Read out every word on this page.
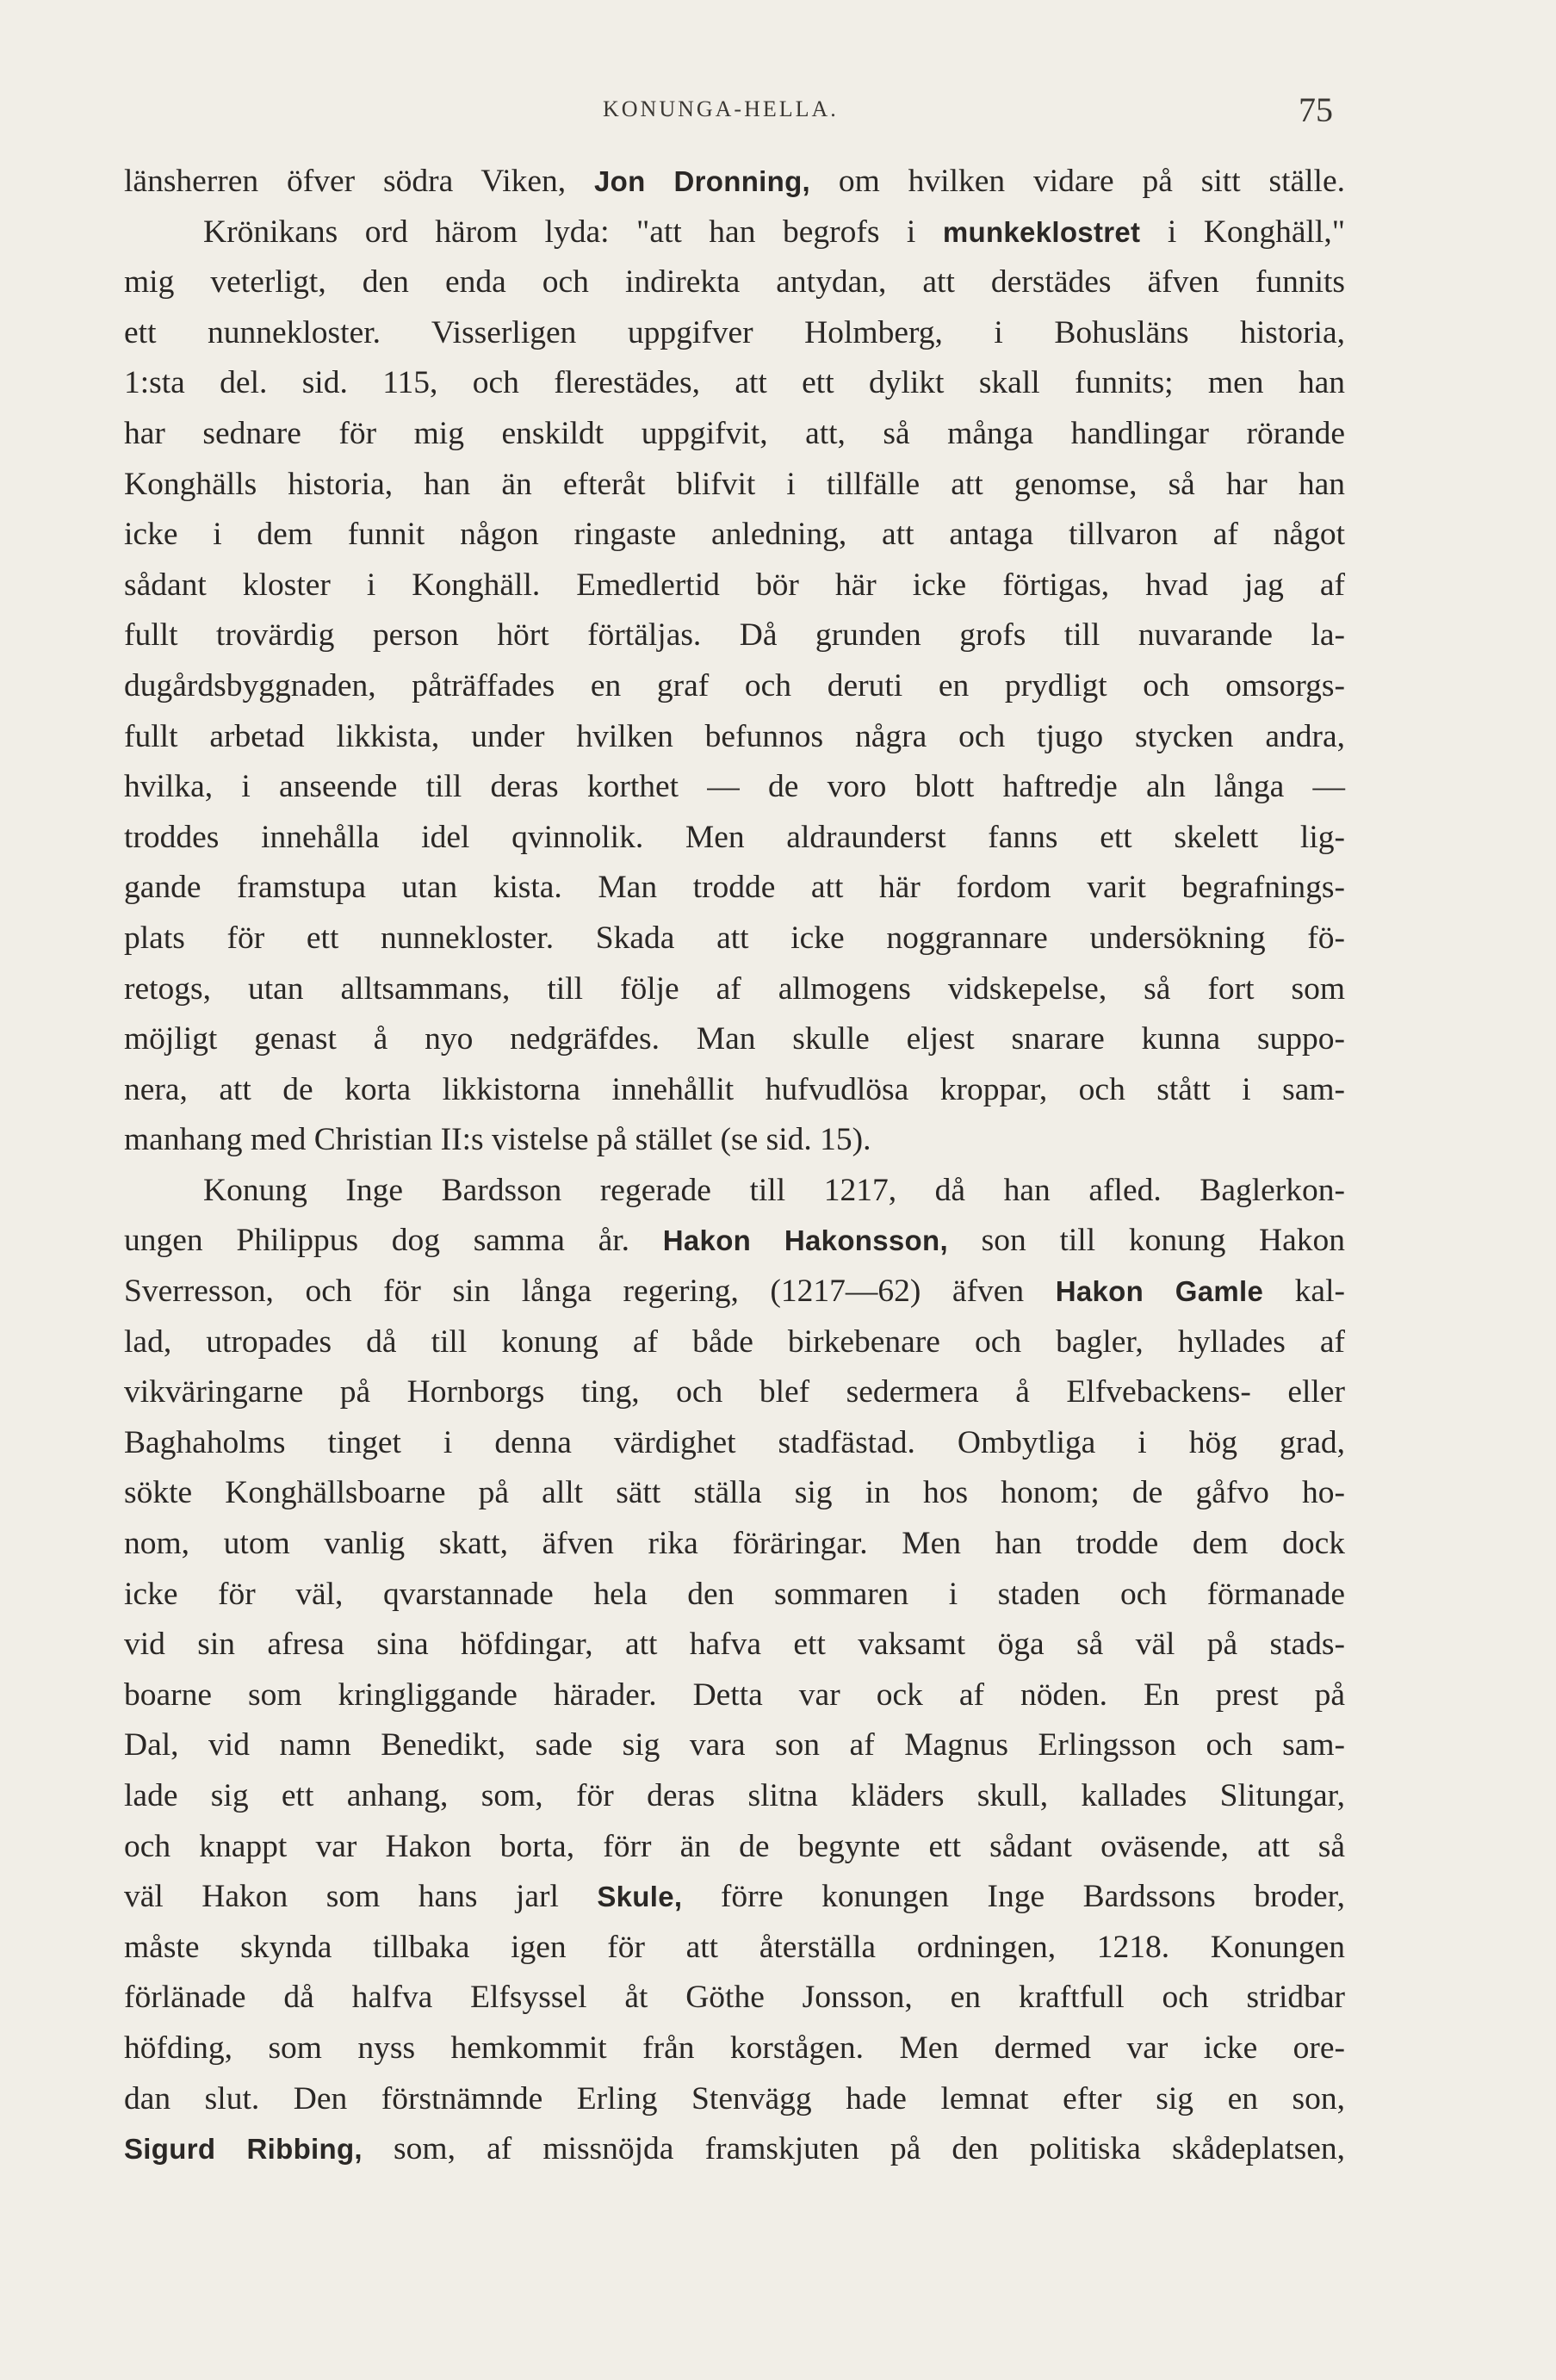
KONUNGA-HELLA.	75
länsherren öfver södra Viken, Jon Dronning, om hvilken vidare på sitt ställe.
Krönikans ord härom lyda: "att han begrofs i munkeklostret i Konghäll,"
mig veterligt, den enda och indirekta antydan, att derstädes äfven funnits
ett nunnekloster. Visserligen uppgifver Holmberg, i Bohusläns historia,
1:sta del. sid. 115, och flerestädes, att ett dylikt skall funnits; men han
har sednare för mig enskildt uppgifvit, att, så många handlingar rörande
Konghälls historia, han än efteråt blifvit i tillfälle att genomse, så har han
icke i dem funnit någon ringaste anledning, att antaga tillvaron af något
sådant kloster i Konghäll. Emedlertid bör här icke förtigas, hvad jag af
fullt trovärdig person hört förtäljas. Då grunden grofs till nuvarande la-
dugårdsbyggnaden, påträffades en graf och deruti en prydligt och omsorgs-
fullt arbetad likkista, under hvilken befunnos några och tjugo stycken andra,
hvilka, i anseende till deras korthet — de voro blott haftredje aln långa —
troddes innehålla idel qvinnolik. Men aldraunderst fanns ett skelett lig-
gande framstupa utan kista. Man trodde att här fordom varit begrafnings-
plats för ett nunnekloster. Skada att icke noggrannare undersökning fö-
retogs, utan alltsammans, till följe af allmogens vidskepelse, så fort som
möjligt genast å nyo nedgräfdes. Man skulle eljest snarare kunna suppo-
nera, att de korta likkistorna innehållit hufvudlösa kroppar, och stått i sam-
manhang med Christian II:s vistelse på stället (se sid. 15).
Konung Inge Bardsson regerade till 1217, då han afled. Baglerkon-
ungen Philippus dog samma år. Hakon Hakonsson, son till konung Hakon
Sverresson, och för sin långa regering, (1217—62) äfven Hakon Gamle kal-
lad, utropades då till konung af både birkebenare och bagler, hyllades af
vikväringarne på Hornborgs ting, och blef sedermera å Elfvebackens- eller
Baghaholms tinget i denna värdighet stadfästad. Ombytliga i hög grad,
sökte Konghällsboarne på allt sätt ställa sig in hos honom; de gåfvo ho-
nom, utom vanlig skatt, äfven rika föräringar. Men han trodde dem dock
icke för väl, qvarstannade hela den sommaren i staden och förmanade
vid sin afresa sina höfdingar, att hafva ett vaksamt öga så väl på stads-
boarne som kringliggande härader. Detta var ock af nöden. En prest på
Dal, vid namn Benedikt, sade sig vara son af Magnus Erlingsson och sam-
lade sig ett anhang, som, för deras slitna kläders skull, kallades Slitungar,
och knappt var Hakon borta, förr än de begynte ett sådant oväsende, att så
väl Hakon som hans jarl Skule, förre konungen Inge Bardssons broder,
måste skynda tillbaka igen för att återställa ordningen, 1218. Konungen
förlänade då halfva Elfsyssel åt Göthe Jonsson, en kraftfull och stridbar
höfding, som nyss hemkommit från korstågen. Men dermed var icke ore-
dan slut. Den förstnämnde Erling Stenvägg hade lemnat efter sig en son,
Sigurd Ribbing, som, af missnöjda framskjuten på den politiska skådeplatsen,
